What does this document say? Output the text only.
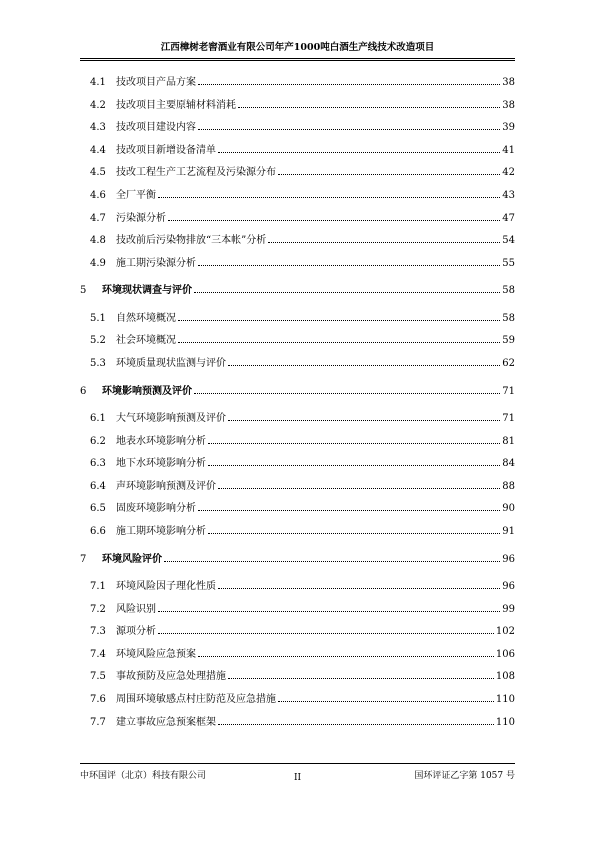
江西樟树老窖酒业有限公司年产1000吨白酒生产线技术改造项目
4.1	技改项目产品方案	38
4.2	技改项目主要原辅材料消耗	38
4.3	技改项目建设内容	39
4.4	技改项目新增设备清单	41
4.5	技改工程生产工艺流程及污染源分布	42
4.6	全厂平衡	43
4.7	污染源分析	47
4.8	技改前后污染物排放“三本帐”分析	54
4.9	施工期污染源分析	55
5	环境现状调查与评价	58
5.1	自然环境概况	58
5.2	社会环境概况	59
5.3	环境质量现状监测与评价	62
6	环境影响预测及评价	71
6.1	大气环境影响预测及评价	71
6.2	地表水环境影响分析	81
6.3	地下水环境影响分析	84
6.4	声环境影响预测及评价	88
6.5	固废环境影响分析	90
6.6	施工期环境影响分析	91
7	环境风险评价	96
7.1	环境风险因子理化性质	96
7.2	风险识别	99
7.3	源项分析	102
7.4	环境风险应急预案	106
7.5	事故预防及应急处理措施	108
7.6	周围环境敏感点村庄防范及应急措施	110
7.7	建立事故应急预案框架	110
中环国评（北京）科技有限公司	II	国环评证乙字第 1057 号
